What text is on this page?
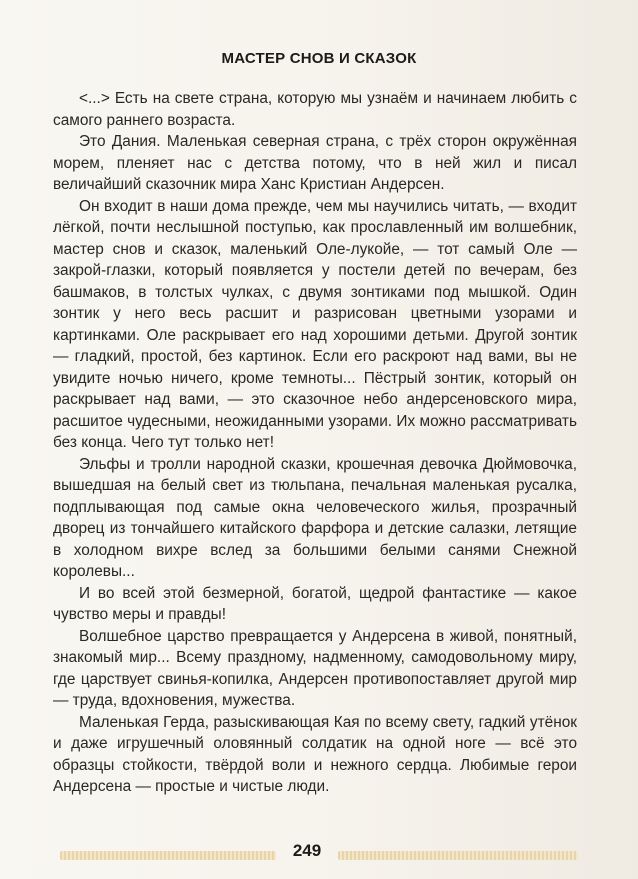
МАСТЕР СНОВ И СКАЗОК

<...> Есть на свете страна, которую мы узнаём и начинаем любить с самого раннего возраста.

Это Дания. Маленькая северная страна, с трёх сторон окружённая морем, пленяет нас с детства потому, что в ней жил и писал величайший сказочник мира Ханс Кристиан Андерсен.

Он входит в наши дома прежде, чем мы научились читать, — входит лёгкой, почти неслышной поступью, как прославленный им волшебник, мастер снов и сказок, маленький Оле-лукойе, — тот самый Оле — закрой-глазки, который появляется у постели детей по вечерам, без башмаков, в толстых чулках, с двумя зонтиками под мышкой. Один зонтик у него весь расшит и разрисован цветными узорами и картинками. Оле раскрывает его над хорошими детьми. Другой зонтик — гладкий, простой, без картинок. Если его раскроют над вами, вы не увидите ночью ничего, кроме темноты... Пёстрый зонтик, который он раскрывает над вами, — это сказочное небо андерсеновского мира, расшитое чудесными, неожиданными узорами. Их можно рассматривать без конца. Чего тут только нет!

Эльфы и тролли народной сказки, крошечная девочка Дюймовочка, вышедшая на белый свет из тюльпана, печальная маленькая русалка, подплывающая под самые окна человеческого жилья, прозрачный дворец из тончайшего китайского фарфора и детские салазки, летящие в холодном вихре вслед за большими белыми санями Снежной королевы...

И во всей этой безмерной, богатой, щедрой фантастике — какое чувство меры и правды!

Волшебное царство превращается у Андерсена в живой, понятный, знакомый мир... Всему праздному, надменному, самодовольному миру, где царствует свинья-копилка, Андерсен противопоставляет другой мир — труда, вдохновения, мужества.

Маленькая Герда, разыскивающая Кая по всему свету, гадкий утёнок и даже игрушечный оловянный солдатик на одной ноге — всё это образцы стойкости, твёрдой воли и нежного сердца. Любимые герои Андерсена — простые и чистые люди.

249
